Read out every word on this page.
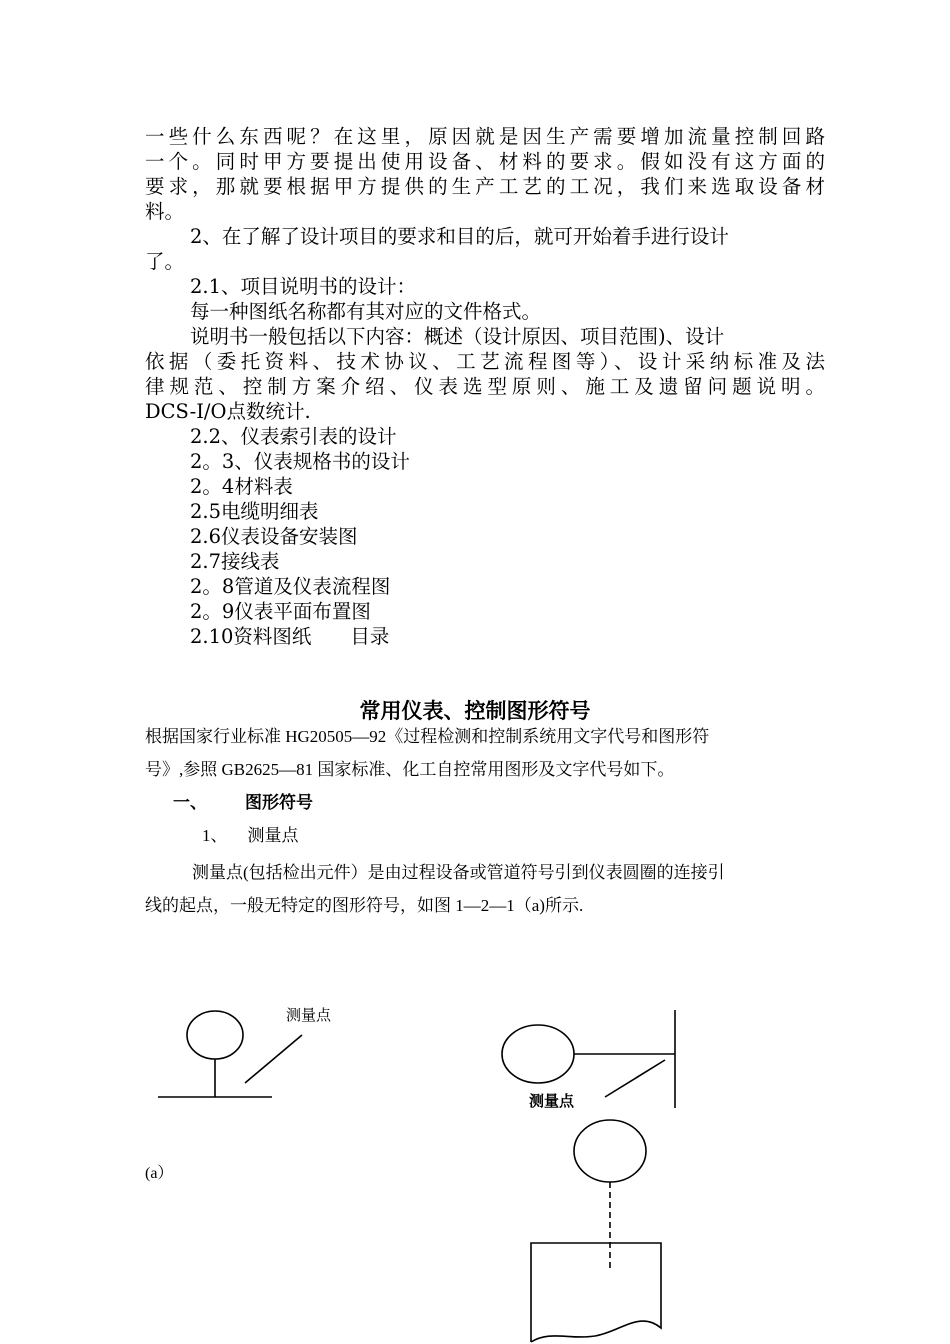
一些什么东西呢？在这里，原因就是因生产需要增加流量控制回路

一个。同时甲方要提出使用设备、材料的要求。假如没有这方面的

要求，那就要根据甲方提供的生产工艺的工况，我们来选取设备材

料。

2、在了解了设计项目的要求和目的后，就可开始着手进行设计

了。

2.1、项目说明书的设计：

每一种图纸名称都有其对应的文件格式。

说明书一般包括以下内容：概述（设计原因、项目范围)、设计

依据（委托资料、技术协议、工艺流程图等）、设计采纳标准及法

律规范、控制方案介绍、仪表选型原则、施工及遗留问题说明。

DCS-I/O点数统计.

2.2、仪表索引表的设计

2。3、仪表规格书的设计

2。4材料表

2.5电缆明细表

2.6仪表设备安装图

2.7接线表

2。8管道及仪表流程图

2。9仪表平面布置图

2.10资料图纸　　目录

常用仪表、控制图形符号

根据国家行业标准 HG20505—92《过程检测和控制系统用文字代号和图形符

号》,参照 GB2625—81 国家标准、化工自控常用图形及文字代号如下。

一、 图形符号

1、 测量点

测量点(包括检出元件）是由过程设备或管道符号引到仪表圆圈的连接引

线的起点，一般无特定的图形符号，如图 1—2—1（a)所示.

测量点
测量点
(a）
